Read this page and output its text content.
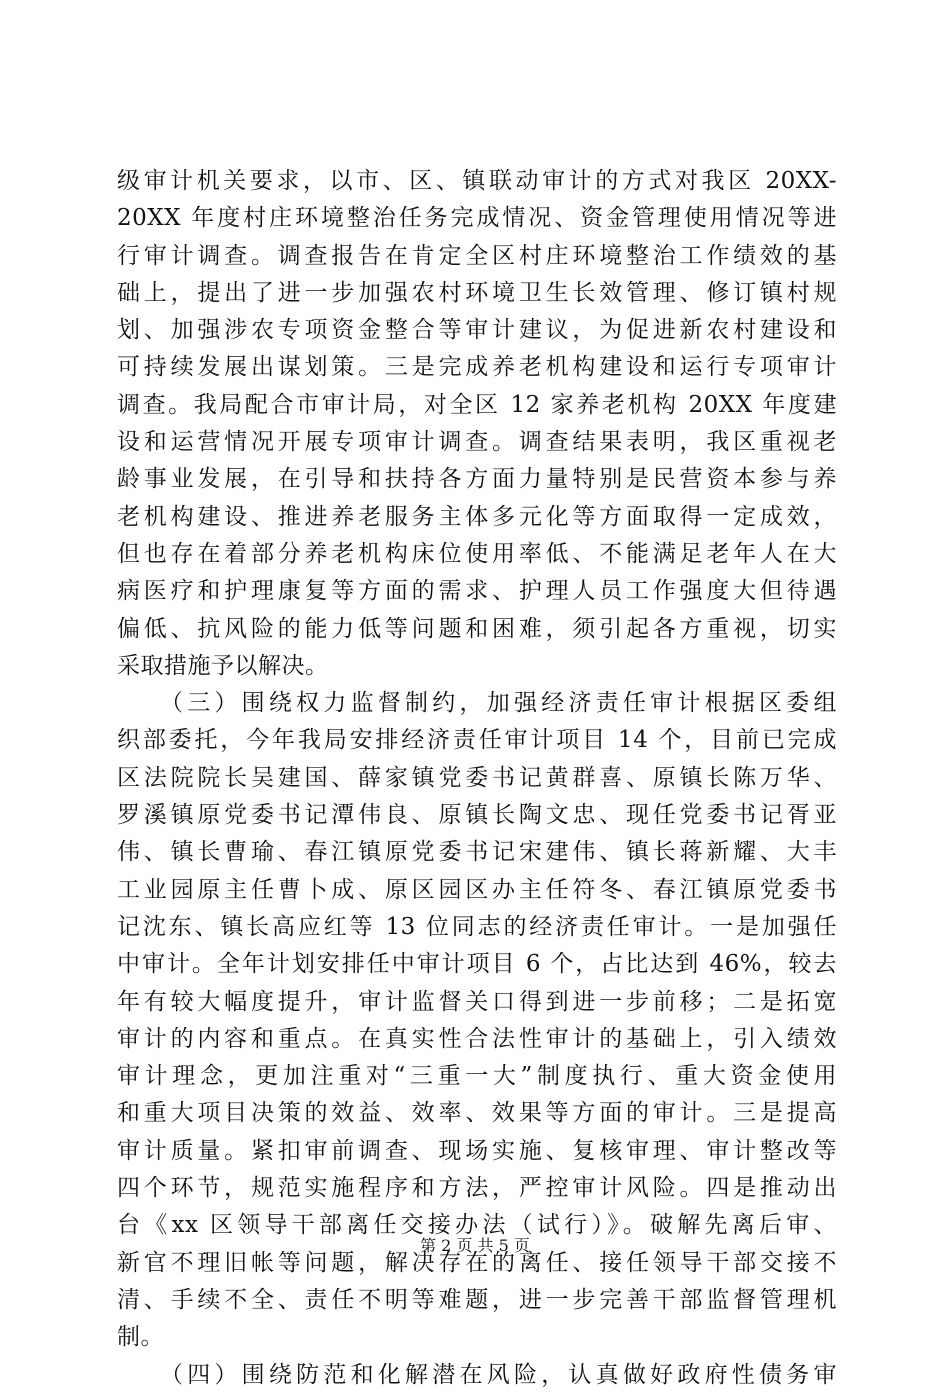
级审计机关要求，以市、区、镇联动审计的方式对我区 20XX-
20XX 年度村庄环境整治任务完成情况、资金管理使用情况等进
行审计调查。调查报告在肯定全区村庄环境整治工作绩效的基
础上，提出了进一步加强农村环境卫生长效管理、修订镇村规
划、加强涉农专项资金整合等审计建议，为促进新农村建设和
可持续发展出谋划策。三是完成养老机构建设和运行专项审计
调查。我局配合市审计局，对全区 12 家养老机构 20XX 年度建
设和运营情况开展专项审计调查。调查结果表明，我区重视老
龄事业发展，在引导和扶持各方面力量特别是民营资本参与养
老机构建设、推进养老服务主体多元化等方面取得一定成效，
但也存在着部分养老机构床位使用率低、不能满足老年人在大
病医疗和护理康复等方面的需求、护理人员工作强度大但待遇
偏低、抗风险的能力低等问题和困难，须引起各方重视，切实
采取措施予以解决。
　　（三）围绕权力监督制约，加强经济责任审计根据区委组
织部委托，今年我局安排经济责任审计项目 14 个，目前已完成
区法院院长吴建国、薛家镇党委书记黄群喜、原镇长陈万华、
罗溪镇原党委书记潭伟良、原镇长陶文忠、现任党委书记胥亚
伟、镇长曹瑜、春江镇原党委书记宋建伟、镇长蒋新耀、大丰
工业园原主任曹卜成、原区园区办主任符冬、春江镇原党委书
记沈东、镇长高应红等 13 位同志的经济责任审计。一是加强任
中审计。全年计划安排任中审计项目 6 个，占比达到 46%，较去
年有较大幅度提升，审计监督关口得到进一步前移；二是拓宽
审计的内容和重点。在真实性合法性审计的基础上，引入绩效
审计理念，更加注重对“三重一大”制度执行、重大资金使用
和重大项目决策的效益、效率、效果等方面的审计。三是提高
审计质量。紧扣审前调查、现场实施、复核审理、审计整改等
四个环节，规范实施程序和方法，严控审计风险。四是推动出
台《xx 区领导干部离任交接办法（试行）》。破解先离后审、
新官不理旧帐等问题，解决存在的离任、接任领导干部交接不
清、手续不全、责任不明等难题，进一步完善干部监督管理机
制。
　　（四）围绕防范和化解潜在风险，认真做好政府性债务审
第 2 页 共 5 页
